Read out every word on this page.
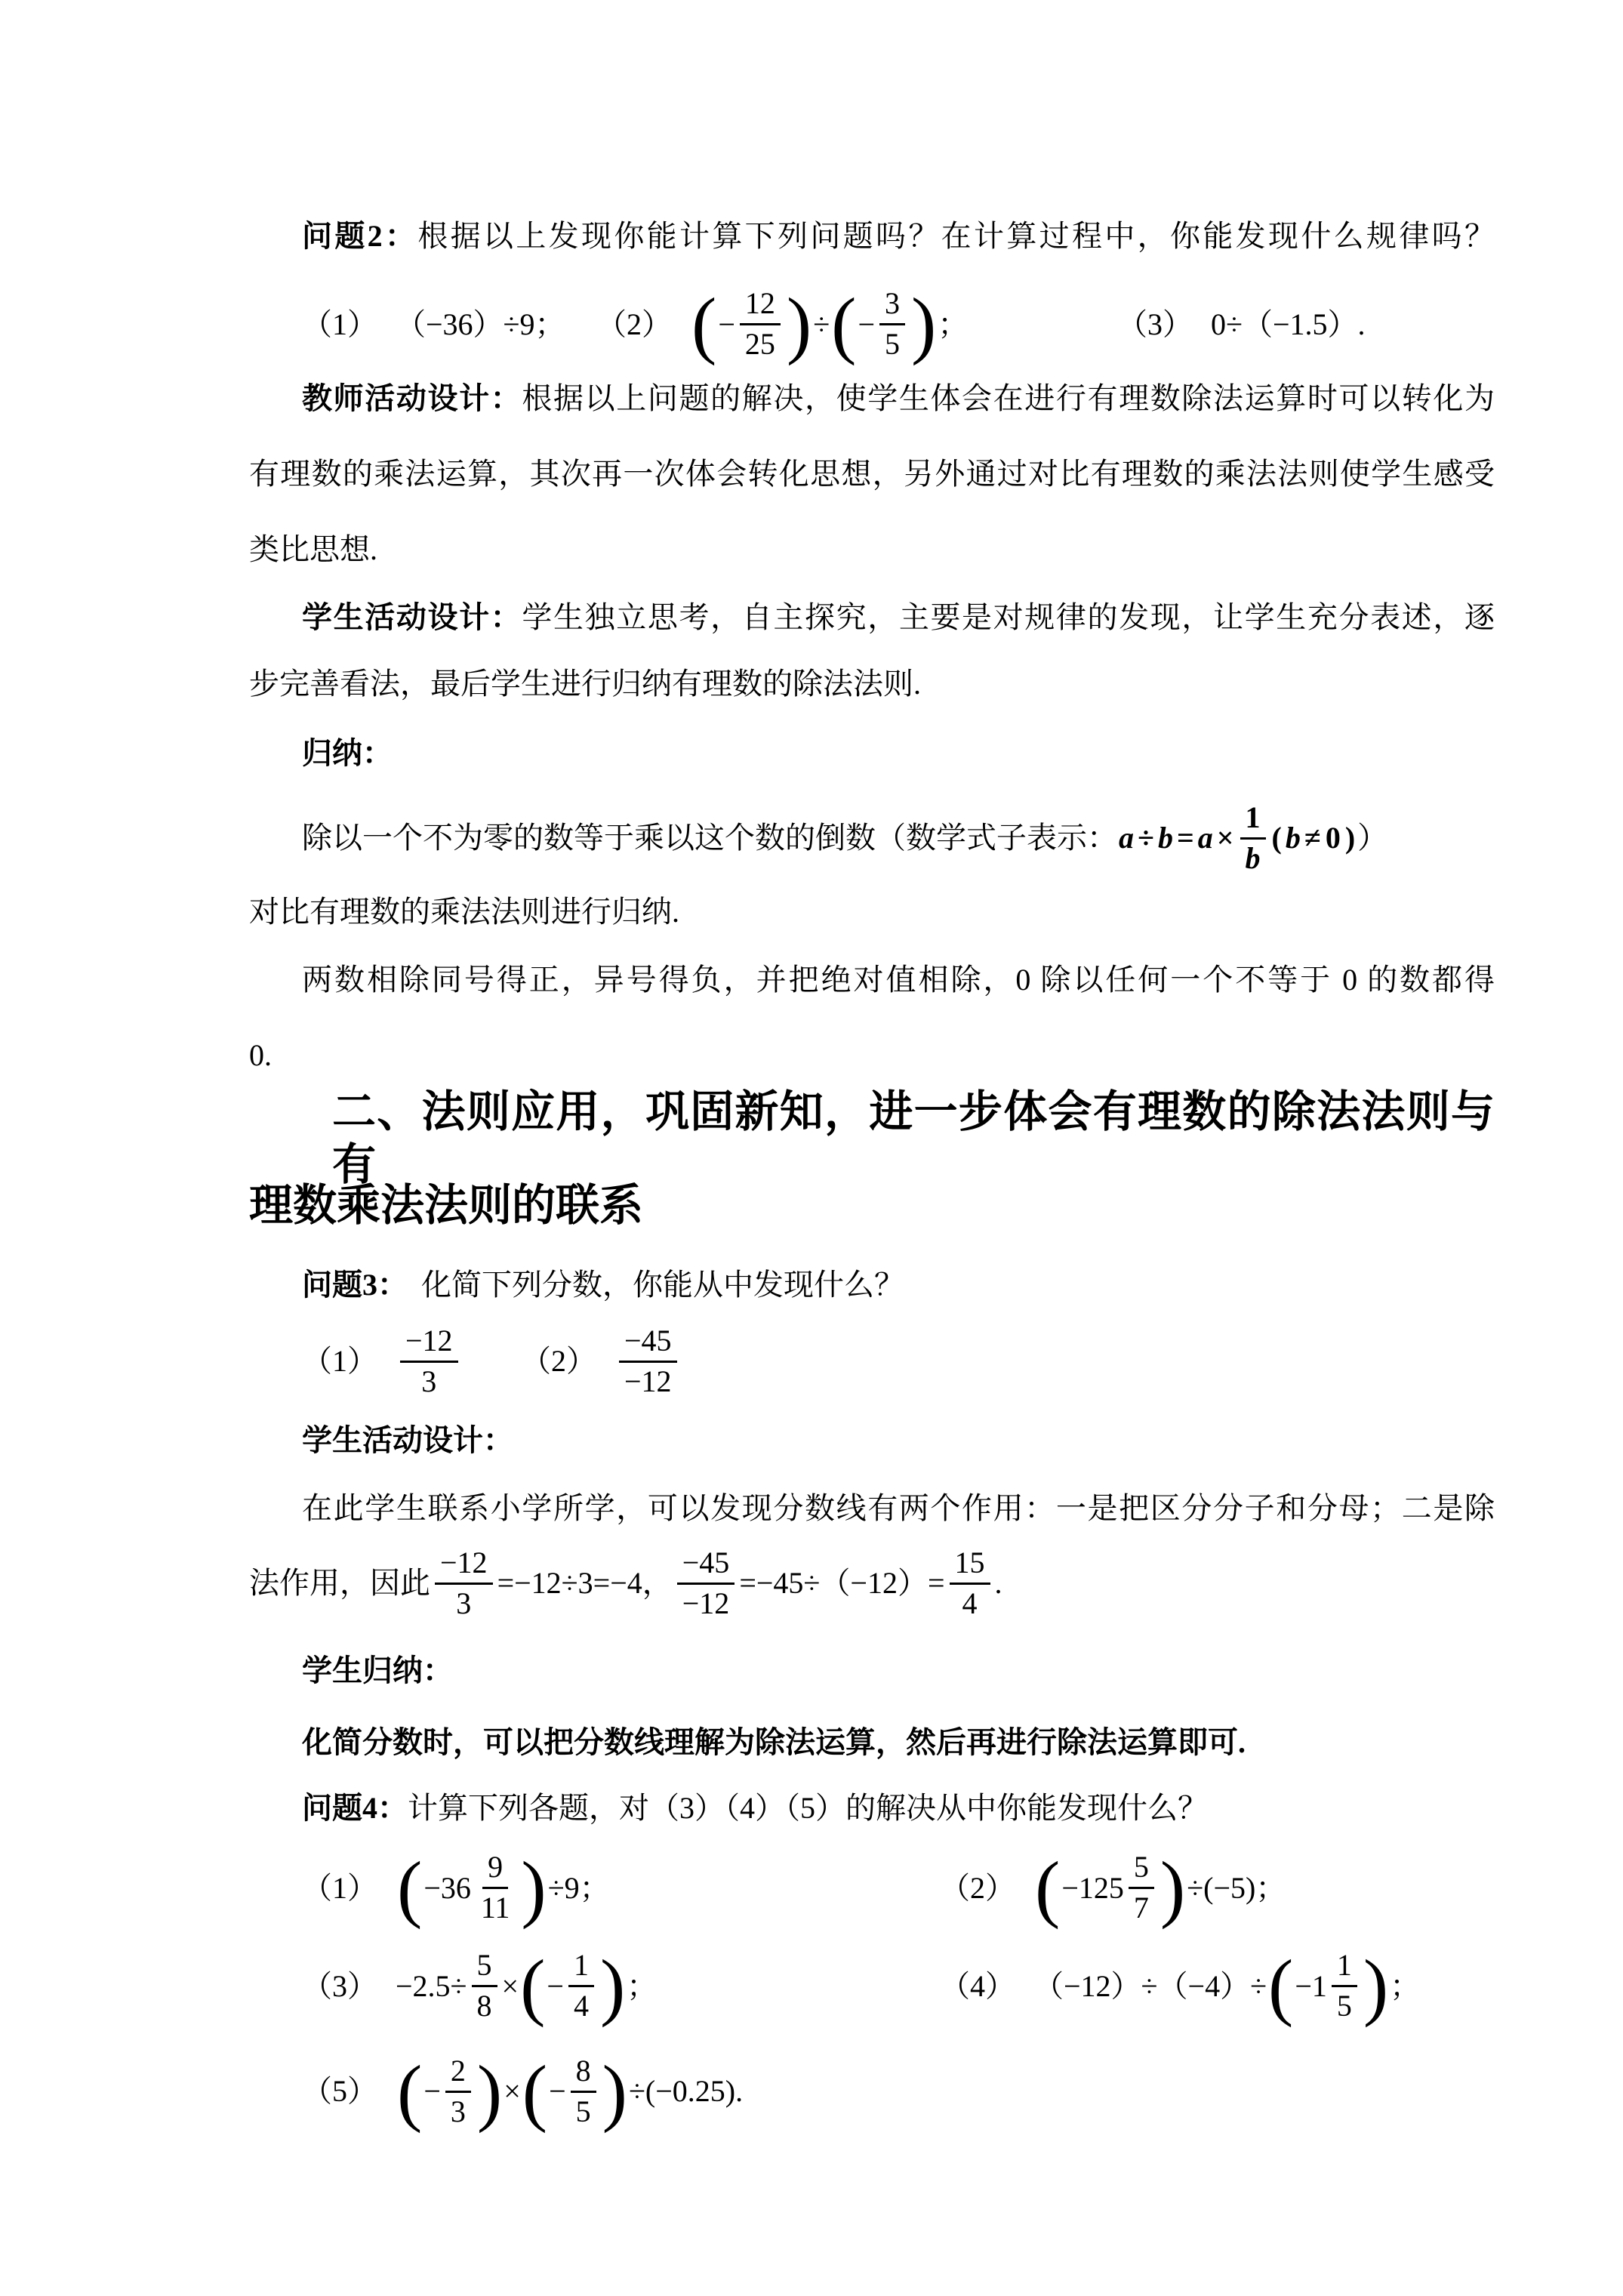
问题2：根据以上发现你能计算下列问题吗？在计算过程中，你能发现什么规律吗？
（1） （−36）÷9； （2） ( − $\frac{12}{25}$ ) ÷ ( − $\frac{3}{5}$ ) ；	（3） 0÷（−1.5）.
教师活动设计：根据以上问题的解决，使学生体会在进行有理数除法运算时可以转化为
有理数的乘法运算，其次再一次体会转化思想，另外通过对比有理数的乘法法则使学生感受
类比思想.
学生活动设计：学生独立思考，自主探究，主要是对规律的发现，让学生充分表述，逐
步完善看法，最后学生进行归纳有理数的除法法则.
归纳：
除以一个不为零的数等于乘以这个数的倒数（数学式子表示： $a \div b = a \times \frac{1}{b}$ ( b ≠ 0 ) ）
对比有理数的乘法法则进行归纳.
两数相除同号得正，异号得负，并把绝对值相除，0 除以任何一个不等于 0 的数都得
0.
二、法则应用，巩固新知，进一步体会有理数的除法法则与有
理数乘法法则的联系
问题3： 化简下列分数，你能从中发现什么？
$(1) \frac{-12}{3} (2) \frac{-45}{-12}$
学生活动设计：
在此学生联系小学所学，可以发现分数线有两个作用：一是把区分分子和分母；二是除
法作用，因此 $\frac{-12}{3} =-12\div 3=-4$， $\frac{-45}{-12} =-45\div(-12)= \frac{15}{4}$ .
学生归纳：
化简分数时，可以把分数线理解为除法运算，然后再进行除法运算即可.
问题4：计算下列各题，对（3）（4）（5）的解决从中你能发现什么？
（1） ( $-36 \frac{9}{11}$ ) ÷9；	（2） ( $-125 \frac{5}{7}$ ) ÷(−5)；
$(3) -2.5\div \frac{5}{8}$ × ( − $\frac{1}{4}$ ) ；	（4） （−12）÷（−4）÷ ( $-1 \frac{1}{5}$ ) ；
（5） ( − $\frac{2}{3}$ ) × ( − $\frac{8}{5}$ ) ÷(−0.25).
